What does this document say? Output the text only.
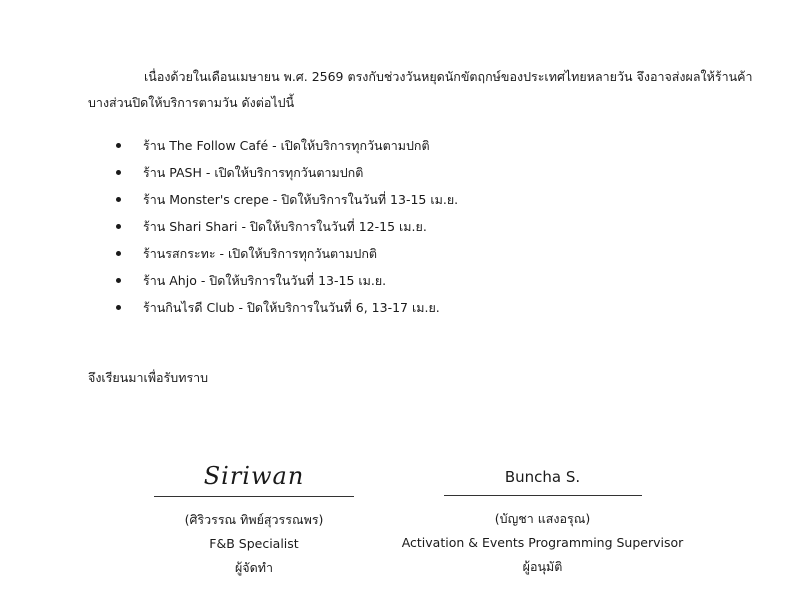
เนื่องด้วยในเดือนเมษายน พ.ศ. 2569 ตรงกับช่วงวันหยุดนักขัตฤกษ์ของประเทศไทยหลายวัน จึงอาจส่งผลให้ร้านค้า
บางส่วนปิดให้บริการตามวัน ดังต่อไปนี้
ร้าน The Follow Café - เปิดให้บริการทุกวันตามปกติ
ร้าน PASH - เปิดให้บริการทุกวันตามปกติ
ร้าน Monster's crepe - ปิดให้บริการในวันที่ 13-15 เม.ย.
ร้าน Shari Shari - ปิดให้บริการในวันที่ 12-15 เม.ย.
ร้านรสกระทะ - เปิดให้บริการทุกวันตามปกติ
ร้าน Ahjo - ปิดให้บริการในวันที่ 13-15 เม.ย.
ร้านกินไรดี Club - ปิดให้บริการในวันที่ 6, 13-17 เม.ย.
จึงเรียนมาเพื่อรับทราบ
Siriwan
(ศิริวรรณ ทิพย์สุวรรณพร)
F&B Specialist
ผู้จัดทำ
Buncha S.
(บัญชา แสงอรุณ)
Activation & Events Programming Supervisor
ผู้อนุมัติ
